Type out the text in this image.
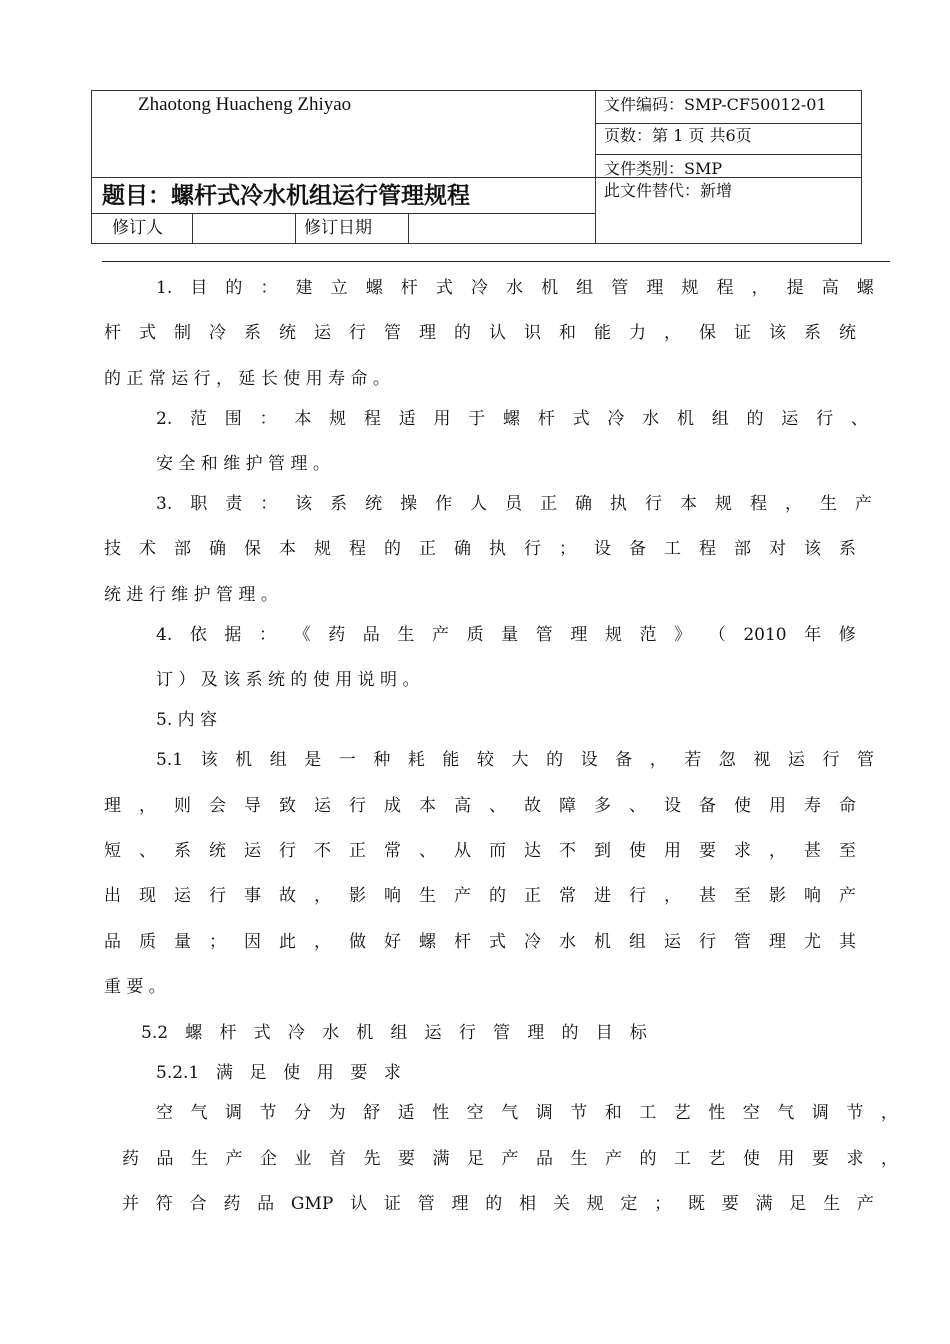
Zhaotong Huacheng Zhiyao	文件编码：SMP-CF50012-01
页数：第 1 页 共6页
文件类别：SMP
此文件替代：新增
题目：螺杆式冷水机组运行管理规程
修订人	修订日期
1. 目 的 ： 建 立 螺 杆 式 冷 水 机 组 管 理 规 程 ， 提 高 螺
杆 式 制 冷 系 统 运 行 管 理 的 认 识 和 能 力 ， 保 证 该 系 统
的 正 常 运 行 ， 延 长 使 用 寿 命 。
2. 范 围 ： 本 规 程 适 用 于 螺 杆 式 冷 水 机 组 的 运 行 、
安 全 和 维 护 管 理 。
3. 职 责 ： 该 系 统 操 作 人 员 正 确 执 行 本 规 程 ， 生 产
技 术 部 确 保 本 规 程 的 正 确 执 行 ； 设 备 工 程 部 对 该 系
统 进 行 维 护 管 理 。
4. 依 据 ： 《 药 品 生 产 质 量 管 理 规 范 》 （ 2010 年 修
订 ） 及 该 系 统 的 使 用 说 明 。
5. 内 容
5.1 该 机 组 是 一 种 耗 能 较 大 的 设 备 ， 若 忽 视 运 行 管
理 ， 则 会 导 致 运 行 成 本 高 、 故 障 多 、 设 备 使 用 寿 命
短 、 系 统 运 行 不 正 常 、 从 而 达 不 到 使 用 要 求 ， 甚 至
出 现 运 行 事 故 ， 影 响 生 产 的 正 常 进 行 ， 甚 至 影 响 产
品 质 量 ； 因 此 ， 做 好 螺 杆 式 冷 水 机 组 运 行 管 理 尤 其
重 要 。
5.2 螺 杆 式 冷 水 机 组 运 行 管 理 的 目 标
5.2.1 满 足 使 用 要 求
空 气 调 节 分 为 舒 适 性 空 气 调 节 和 工 艺 性 空 气 调 节 ，
药 品 生 产 企 业 首 先 要 满 足 产 品 生 产 的 工 艺 使 用 要 求 ，
并 符 合 药 品 GMP 认 证 管 理 的 相 关 规 定 ； 既 要 满 足 生 产
